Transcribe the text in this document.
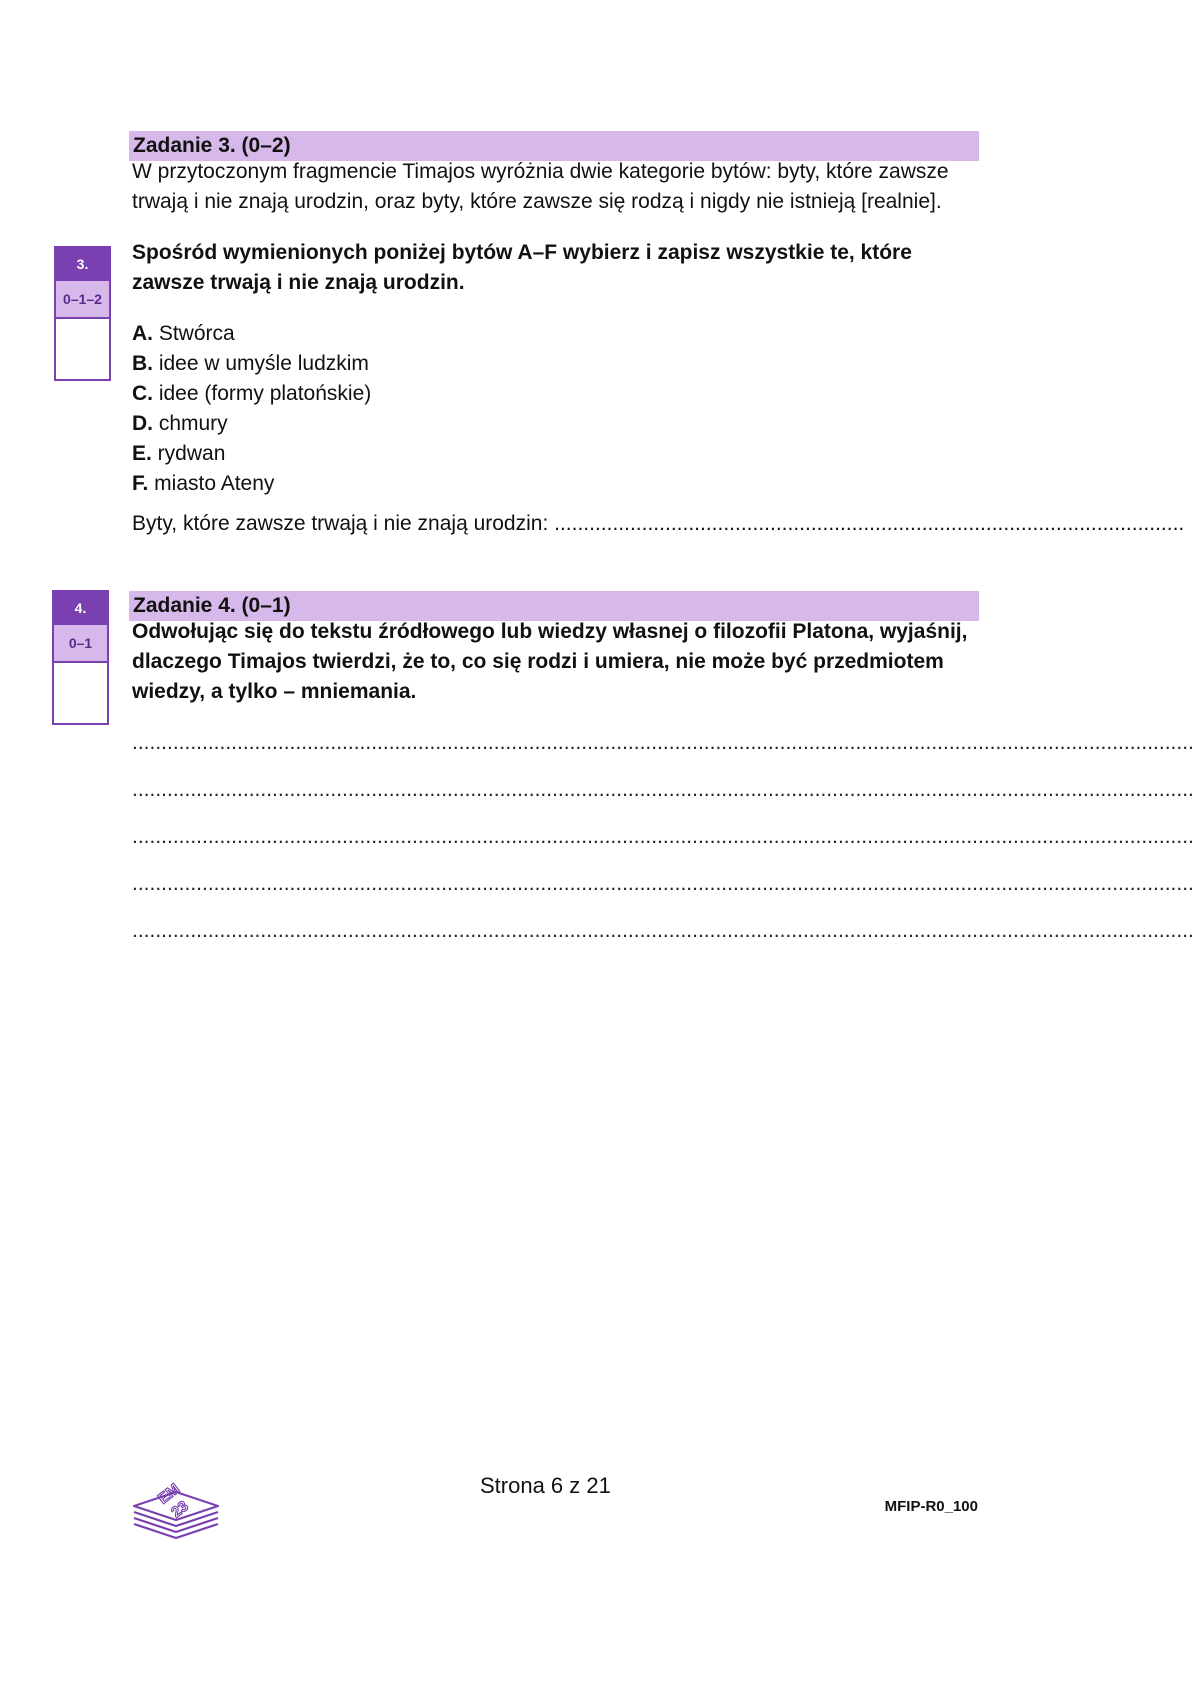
Zadanie 3. (0–2)
W przytoczonym fragmencie Timajos wyróżnia dwie kategorie bytów: byty, które zawsze trwają i nie znają urodzin, oraz byty, które zawsze się rodzą i nigdy nie istnieją [realnie].
3.
0–1–2
Spośród wymienionych poniżej bytów A–F wybierz i zapisz wszystkie te, które zawsze trwają i nie znają urodzin.
A. Stwórca
B. idee w umyśle ludzkim
C. idee (formy platońskie)
D. chmury
E. rydwan
F. miasto Ateny
Byty, które zawsze trwają i nie znają urodzin: ............................................................................................................
4.
0–1
Zadanie 4. (0–1)
Odwołując się do tekstu źródłowego lub wiedzy własnej o filozofii Platona, wyjaśnij, dlaczego Timajos twierdzi, że to, co się rodzi i umiera, nie może być przedmiotem wiedzy, a tylko – mniemania.
......................................................................................................................................................................................
......................................................................................................................................................................................
......................................................................................................................................................................................
......................................................................................................................................................................................
......................................................................................................................................................................................
EM
23
Strona 6 z 21
MFIP-R0_100
